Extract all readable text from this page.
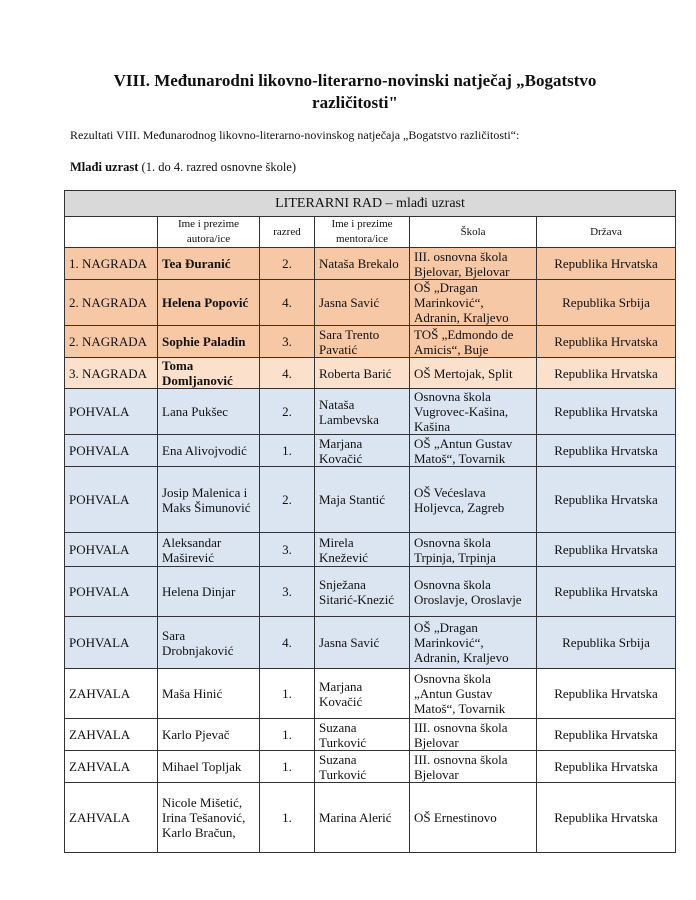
VIII. Međunarodni likovno-literarno-novinski natječaj „Bogatstvo različitosti"
Rezultati VIII. Međunarodnog likovno-literarno-novinskog natječaja „Bogatstvo različitosti“:
Mlađi uzrast (1. do 4. razred osnovne škole)
LITERARNI RAD – mlađi uzrast					
	Ime i prezime autora/ice	razred	Ime i prezime mentora/ice	Škola	Država
1. NAGRADA	Tea Đuranić	2.	Nataša Brekalo	III. osnovna škola Bjelovar, Bjelovar	Republika Hrvatska
2. NAGRADA	Helena Popović	4.	Jasna Savić	OŠ „Dragan Marinković“, Adranin, Kraljevo	Republika Srbija
2. NAGRADA	Sophie Paladin	3.	Sara Trento Pavatić	TOŠ „Edmondo de Amicis“, Buje	Republika Hrvatska
3. NAGRADA	Toma Domljanović	4.	Roberta Barić	OŠ Mertojak, Split	Republika Hrvatska
POHVALA	Lana Pukšec	2.	Nataša Lambevska	Osnovna škola Vugrovec-Kašina, Kašina	Republika Hrvatska
POHVALA	Ena Alivojvodić	1.	Marjana Kovačić	OŠ „Antun Gustav Matoš“, Tovarnik	Republika Hrvatska
POHVALA	Josip Malenica i Maks Šimunović	2.	Maja Stantić	OŠ Većeslava Holjevca, Zagreb	Republika Hrvatska
POHVALA	Aleksandar Maširević	3.	Mirela Knežević	Osnovna škola Trpinja, Trpinja	Republika Hrvatska
POHVALA	Helena Dinjar	3.	Snježana Sitarić-Knezić	Osnovna škola Oroslavje, Oroslavje	Republika Hrvatska
POHVALA	Sara Drobnjaković	4.	Jasna Savić	OŠ „Dragan Marinković“, Adranin, Kraljevo	Republika Srbija
ZAHVALA	Maša Hinić	1.	Marjana Kovačić	Osnovna škola „Antun Gustav Matoš“, Tovarnik	Republika Hrvatska
ZAHVALA	Karlo Pjevač	1.	Suzana Turković	III. osnovna škola Bjelovar	Republika Hrvatska
ZAHVALA	Mihael Topljak	1.	Suzana Turković	III. osnovna škola Bjelovar	Republika Hrvatska
ZAHVALA	Nicole Mišetić, Irina Tešanović, Karlo Bračun,	1.	Marina Alerić	OŠ Ernestinovo	Republika Hrvatska
